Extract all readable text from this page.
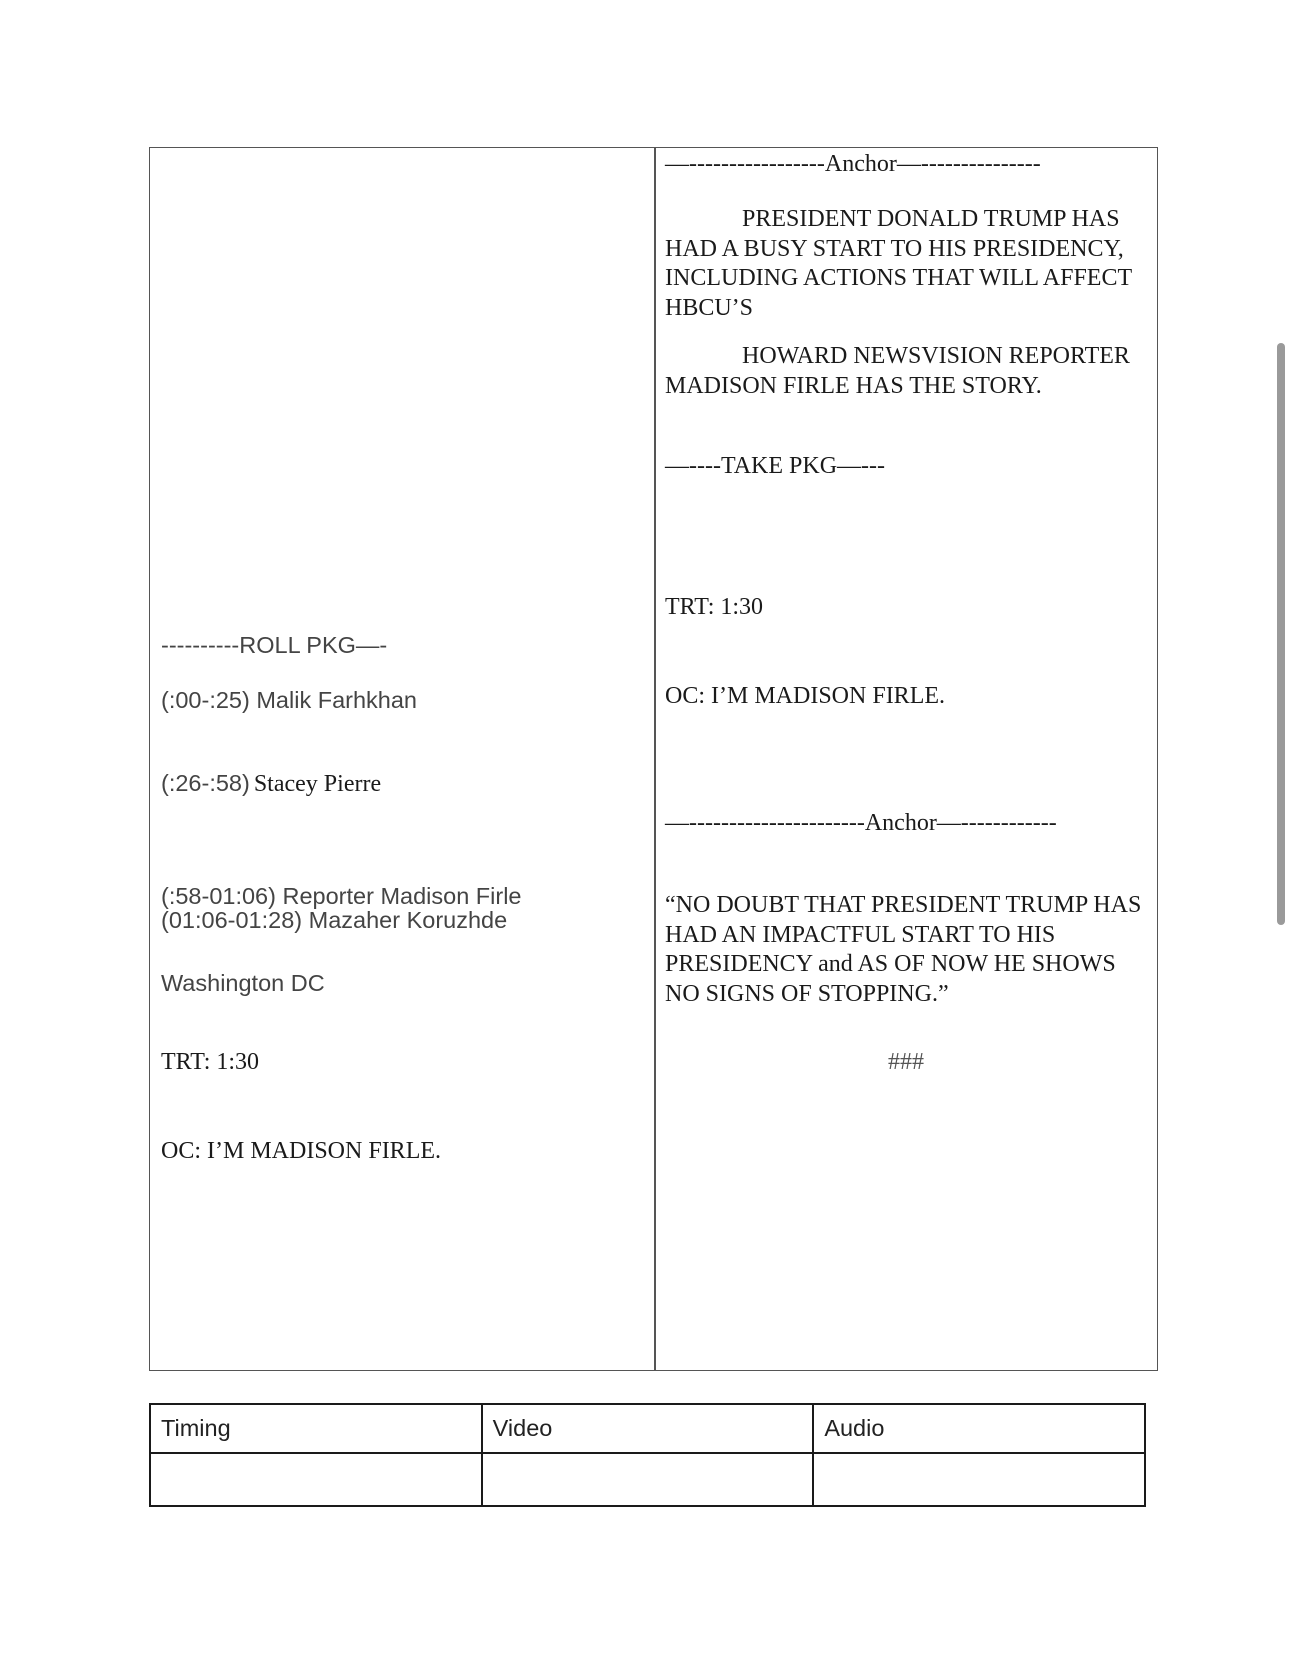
----------ROLL PKG—-

(:00-:25) Malik Farhkhan

(:26-:58) Stacey Pierre

(:58-01:06) Reporter Madison Firle

Washington DC

(01:06-01:28) Mazaher Koruzhde

TRT: 1:30

OC: I’M MADISON FIRLE.

—-----------------Anchor—---------------

PRESIDENT DONALD TRUMP HAS HAD A BUSY START TO HIS PRESIDENCY, INCLUDING ACTIONS THAT WILL AFFECT HBCU’S

HOWARD NEWSVISION REPORTER MADISON FIRLE HAS THE STORY.

—----TAKE PKG—---

TRT: 1:30

OC: I’M MADISON FIRLE.

—----------------------Anchor—------------

“NO DOUBT THAT PRESIDENT TRUMP HAS HAD AN IMPACTFUL START TO HIS PRESIDENCY and AS OF NOW HE SHOWS NO SIGNS OF STOPPING.”

###

Timing	Video	Audio
